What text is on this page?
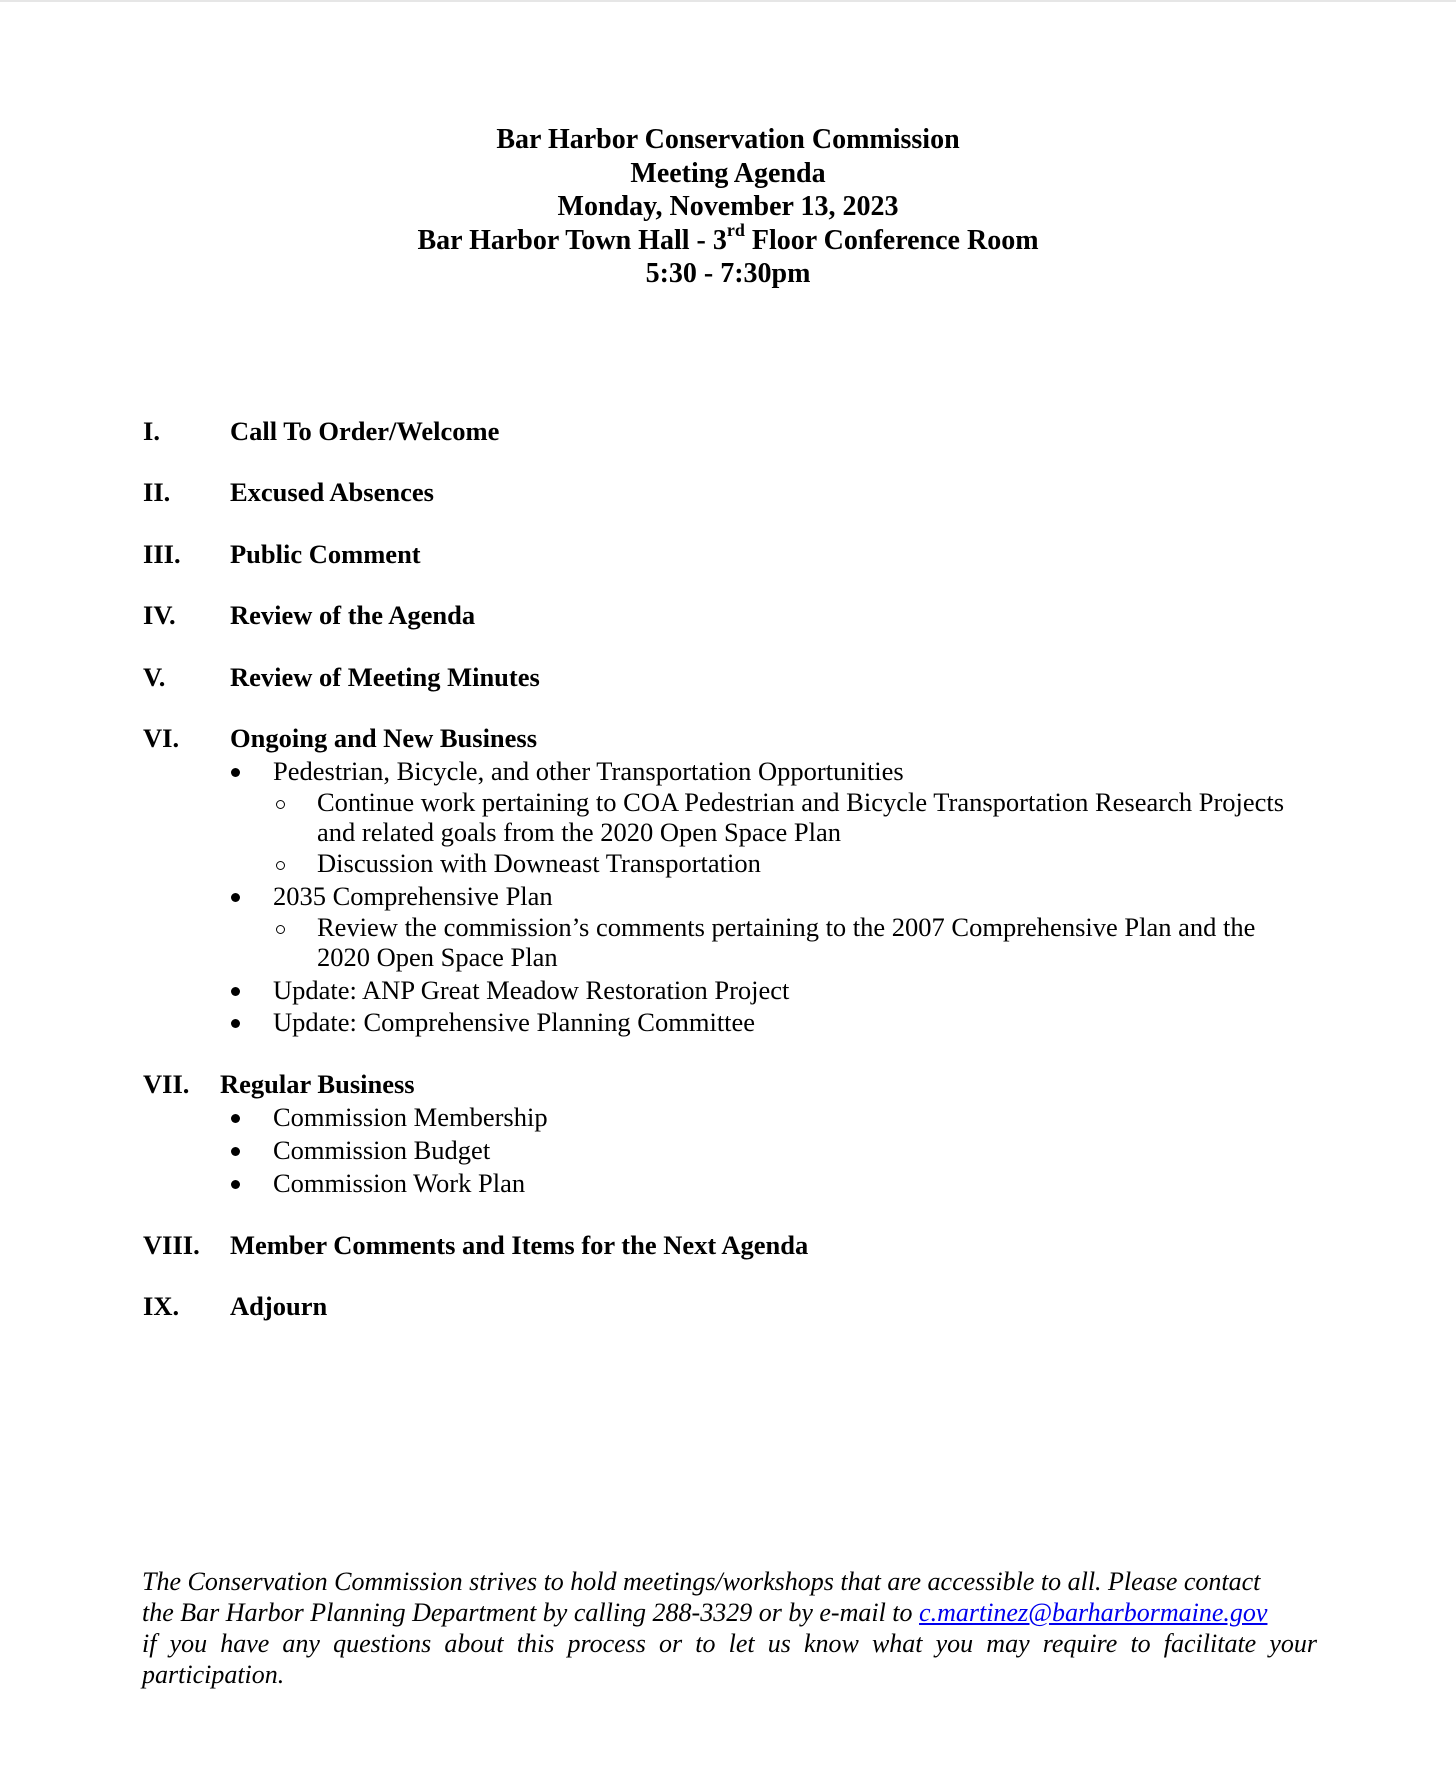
Bar Harbor Conservation Commission
Meeting Agenda
Monday, November 13, 2023
Bar Harbor Town Hall - 3rd Floor Conference Room
5:30 - 7:30pm
I.	Call To Order/Welcome
II. Excused Absences
III. Public Comment
IV. Review of the Agenda
V. Review of Meeting Minutes
VI. Ongoing and New Business
Pedestrian, Bicycle, and other Transportation Opportunities
Continue work pertaining to COA Pedestrian and Bicycle Transportation Research Projects
and related goals from the 2020 Open Space Plan
Discussion with Downeast Transportation
2035 Comprehensive Plan
Review the commission’s comments pertaining to the 2007 Comprehensive Plan and the
2020 Open Space Plan
Update: ANP Great Meadow Restoration Project
Update: Comprehensive Planning Committee
VII. Regular Business
Commission Membership
Commission Budget
Commission Work Plan
VIII. Member Comments and Items for the Next Agenda
IX. Adjourn
The Conservation Commission strives to hold meetings/workshops that are accessible to all. Please contact
the Bar Harbor Planning Department by calling 288-3329 or by e-mail to c.martinez@barharbormaine.gov
if you have any questions about this process or to let us know what you may require to facilitate your
participation.
